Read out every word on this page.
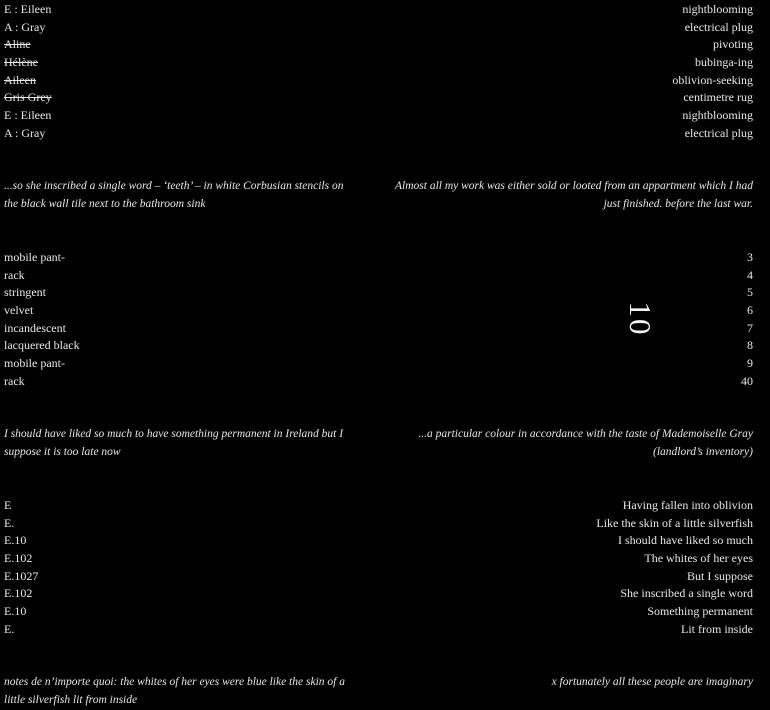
E : Eileen	nightblooming
A : Gray	electrical plug
Aline	pivoting
Hélène	bubinga-ing
Aileen	oblivion-seeking
Gris Grey	centimetre rug
E : Eileen	nightblooming
A : Gray	electrical plug
...so she inscribed a single word – ‘teeth’ – in white Corbusian stencils on the black wall tile next to the bathroom sink
Almost all my work was either sold or looted from an appartment which I had just finished. before the last war.
mobile pant-	3
rack	4
stringent	5
velvet	6
incandescent	7
lacquered black	8
mobile pant-	9
rack	40
10
I should have liked so much to have something permanent in Ireland but I suppose it is too late now
...a particular colour in accordance with the taste of Mademoiselle Gray (landlord’s inventory)
E	Having fallen into oblivion
E.	Like the skin of a little silverfish
E.10	I should have liked so much
E.102	The whites of her eyes
E.1027	But I suppose
E.102	She inscribed a single word
E.10	Something permanent
E.	Lit from inside
notes de n’importe quoi: the whites of her eyes were blue like the skin of a little silverfish lit from inside
x fortunately all these people are imaginary
